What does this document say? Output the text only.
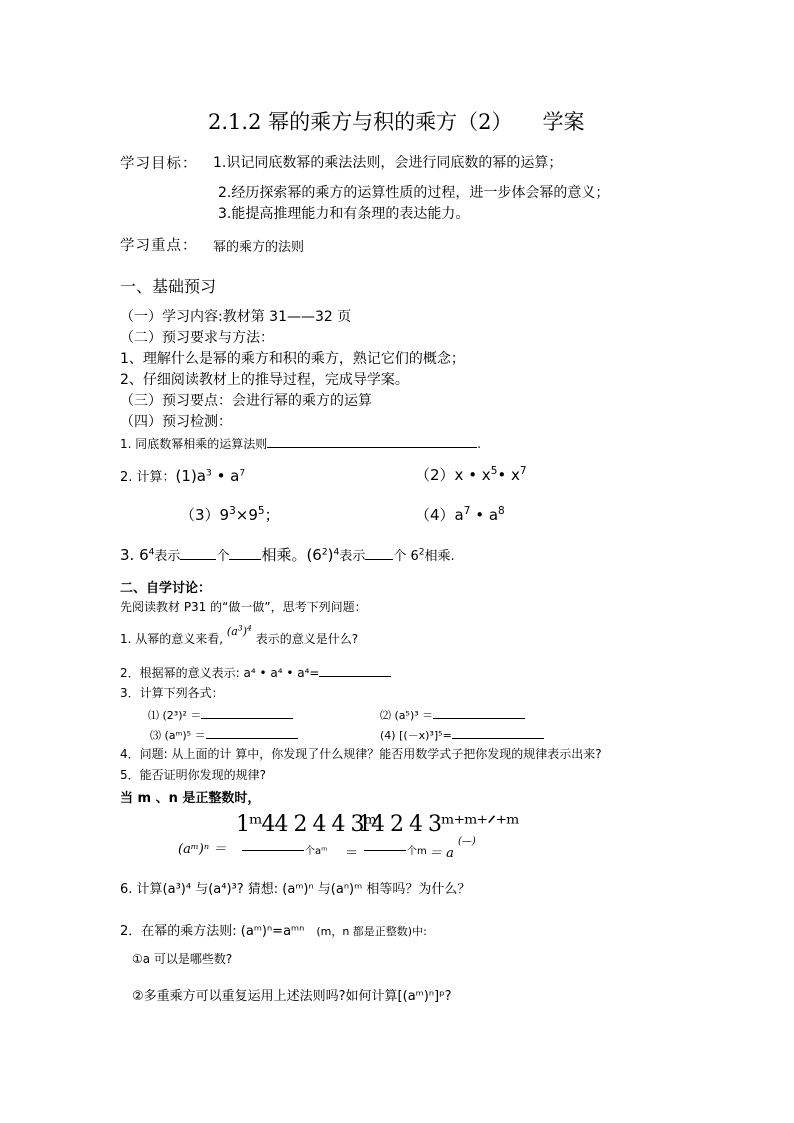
2.1.2 幂的乘方与积的乘方（2） 学案
学习目标： 1.识记同底数幂的乘法法则，会进行同底数的幂的运算；
2.经历探索幂的乘方的运算性质的过程，进一步体会幂的意义；
3.能提高推理能力和有条理的表达能力。
学习重点： 幂的乘方的法则
一、基础预习
（一）学习内容:教材第 31——32 页
（二）预习要求与方法：
1、理解什么是幂的乘方和积的乘方，熟记它们的概念；
2、仔细阅读教材上的推导过程，完成导学案。
（三）预习要点：会进行幂的乘方的运算
（四）预习检测：
1. 同底数幂相乘的运算法则	.
2. 计算：$(1)a^3$ • $a^7$	（2）x • $x^5•$ $x^7$
$(3)9^3\times 9^5$；	$(4)a^7$ • $a^8$
3. $6^4$表示	个 相乘。$(6^2)^4$表示 个 $6^2$相乘.
二、自学讨论：
先阅读教材 P31 的“做一做”，思考下列问题：
1. 从幂的意义来看, $(a^3)^4$ 表示的意义是什么?
2．根据幂的意义表示: a⁴ • a⁴ • a⁴=
3．计算下列各式：
⑴ (2³)² ＝	⑵ (a⁵)³ ＝
⑶ (aᵐ)⁵ ＝	(4) [(－x)³]⁵=
4．问题: 从上面的计 算中，你发现了什么规律？能否用数学式子把你发现的规律表示出来?
5．能否证明你发现的规律?
当 m 、n 是正整数时，
1ᵐ44 2 4 4 3ᵐ
14 2 4 3ᵐ⁺ᵐ⁺ᐟ⁺ᵐ
(aᵐ)ⁿ ＝	个aᵐ ＝	个m ＝ a
(—)
6. 计算(a³)⁴ 与(a⁴)³? 猜想: (aᵐ)ⁿ 与(aⁿ)ᵐ 相等吗？为什么？
2．在幂的乘方法则: (aᵐ)ⁿ=aᵐⁿ (m，n 都是正整数)中:
①a 可以是哪些数?
②多重乘方可以重复运用上述法则吗?如何计算[(aᵐ)ⁿ]ᵖ?
